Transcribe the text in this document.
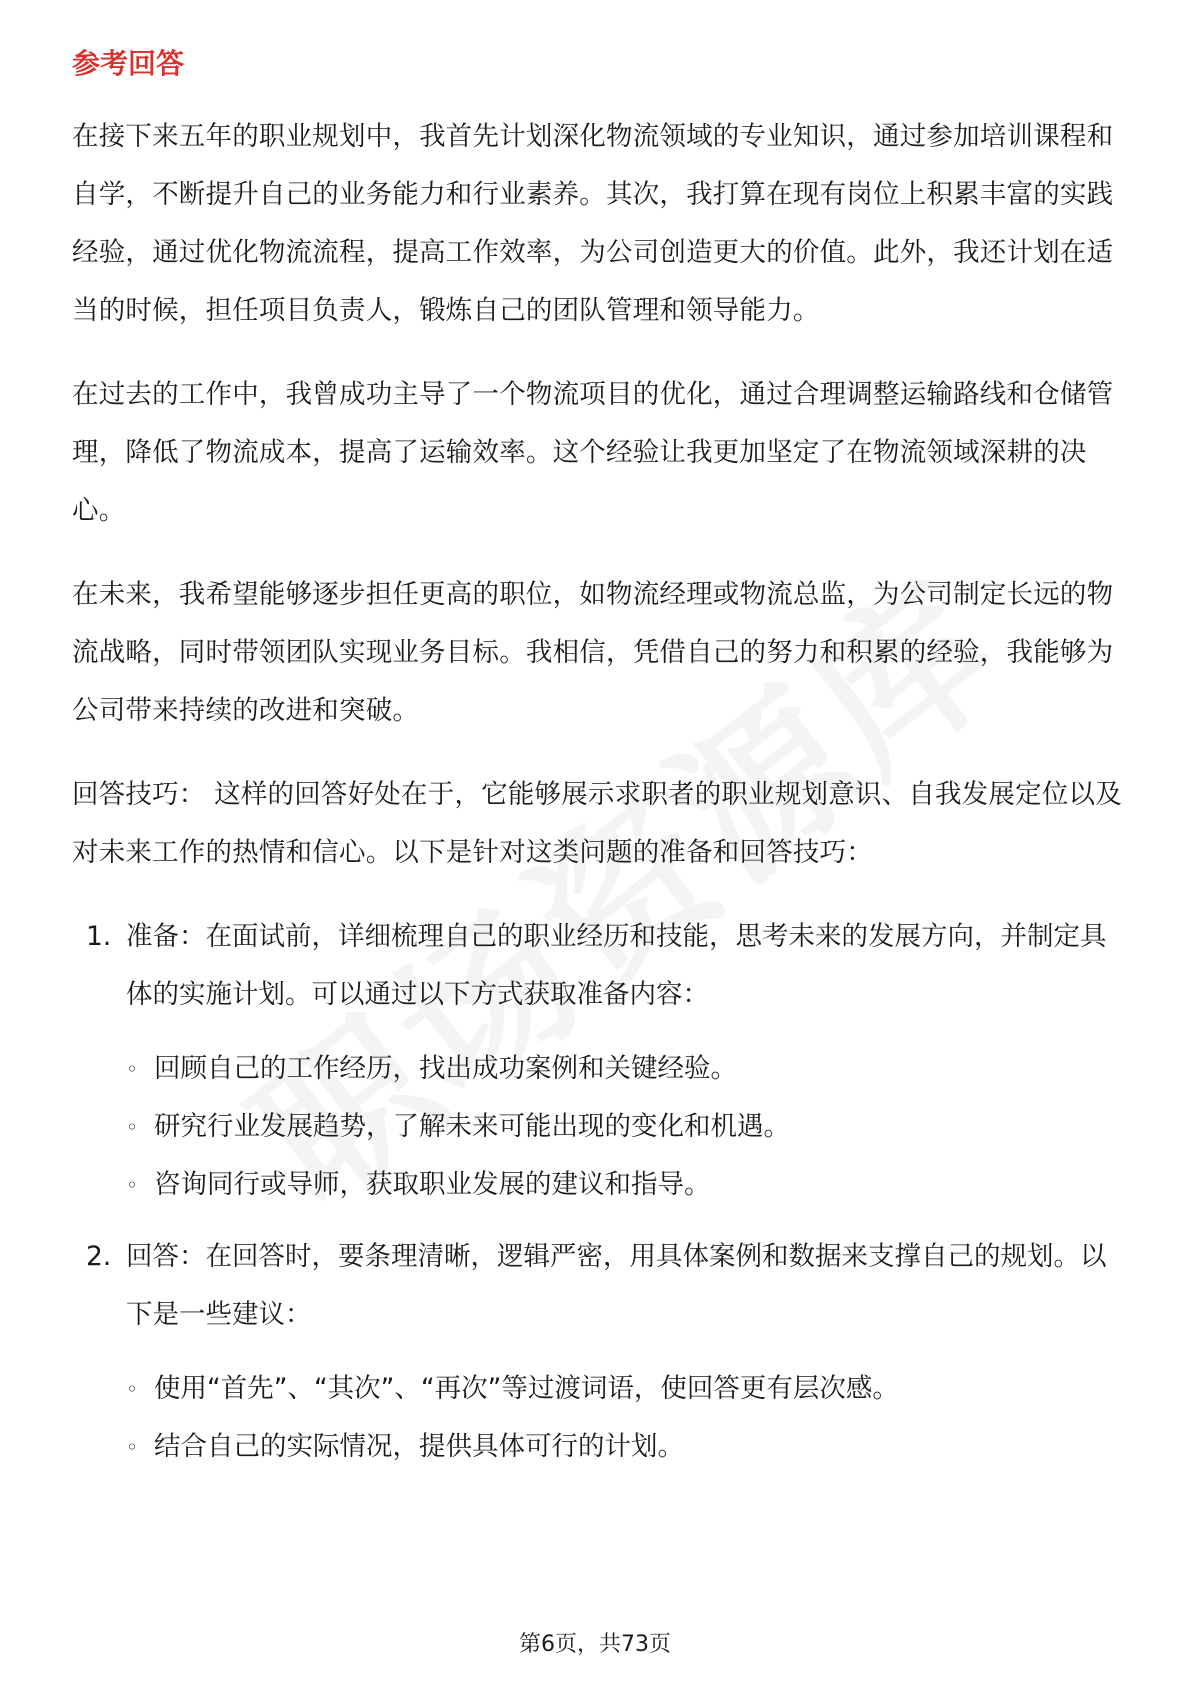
参考回答

在接下来五年的职业规划中，我首先计划深化物流领域的专业知识，通过参加培训课程和自学，不断提升自己的业务能力和行业素养。其次，我打算在现有岗位上积累丰富的实践经验，通过优化物流流程，提高工作效率，为公司创造更大的价值。此外，我还计划在适当的时候，担任项目负责人，锻炼自己的团队管理和领导能力。

在过去的工作中，我曾成功主导了一个物流项目的优化，通过合理调整运输路线和仓储管理，降低了物流成本，提高了运输效率。这个经验让我更加坚定了在物流领域深耕的决心。

在未来，我希望能够逐步担任更高的职位，如物流经理或物流总监，为公司制定长远的物流战略，同时带领团队实现业务目标。我相信，凭借自己的努力和积累的经验，我能够为公司带来持续的改进和突破。

回答技巧： 这样的回答好处在于，它能够展示求职者的职业规划意识、自我发展定位以及对未来工作的热情和信心。以下是针对这类问题的准备和回答技巧：

1. 准备：在面试前，详细梳理自己的职业经历和技能，思考未来的发展方向，并制定具体的实施计划。可以通过以下方式获取准备内容：
◦ 回顾自己的工作经历，找出成功案例和关键经验。
◦ 研究行业发展趋势，了解未来可能出现的变化和机遇。
◦ 咨询同行或导师，获取职业发展的建议和指导。
2. 回答：在回答时，要条理清晰，逻辑严密，用具体案例和数据来支撑自己的规划。以下是一些建议：
◦ 使用“首先”、“其次”、“再次”等过渡词语，使回答更有层次感。
◦ 结合自己的实际情况，提供具体可行的计划。
第6页，共73页
